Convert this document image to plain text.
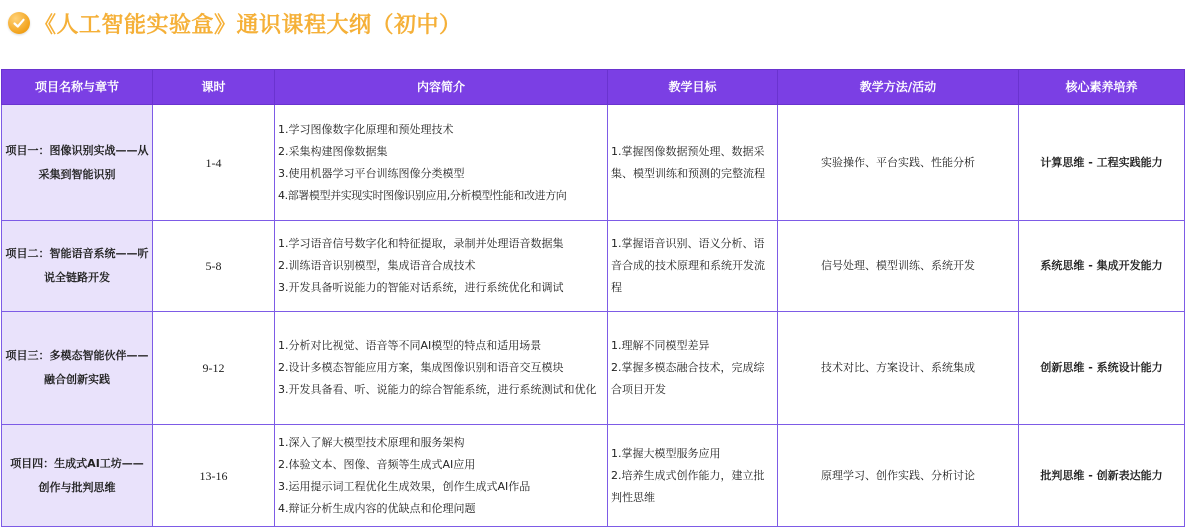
《人工智能实验盒》通识课程大纲（初中）
项目名称与章节	课时	内容简介	教学目标	教学方法/活动	核心素养培养
项目一：图像识别实战——从采集到智能识别	1-4	1.学习图像数字化原理和预处理技术
2.采集构建图像数据集
3.使用机器学习平台训练图像分类模型
4.部署模型并实现实时图像识别应用,分析模型性能和改进方向	1.掌握图像数据预处理、数据采集、模型训练和预测的完整流程	实验操作、平台实践、性能分析	计算思维 - 工程实践能力
项目二：智能语音系统——听说全链路开发	5-8	1.学习语音信号数字化和特征提取，录制并处理语音数据集
2.训练语音识别模型，集成语音合成技术
3.开发具备听说能力的智能对话系统，进行系统优化和调试	1.掌握语音识别、语义分析、语音合成的技术原理和系统开发流程	信号处理、模型训练、系统开发	系统思维 - 集成开发能力
项目三：多模态智能伙伴——融合创新实践	9-12	1.分析对比视觉、语音等不同AI模型的特点和适用场景
2.设计多模态智能应用方案，集成图像识别和语音交互模块
3.开发具备看、听、说能力的综合智能系统，进行系统测试和优化	1.理解不同模型差异
2.掌握多模态融合技术，完成综合项目开发	技术对比、方案设计、系统集成	创新思维 - 系统设计能力
项目四：生成式AI工坊——创作与批判思维	13-16	1.深入了解大模型技术原理和服务架构
2.体验文本、图像、音频等生成式AI应用
3.运用提示词工程优化生成效果，创作生成式AI作品
4.辩证分析生成内容的优缺点和伦理问题	1.掌握大模型服务应用
2.培养生成式创作能力，建立批判性思维	原理学习、创作实践、分析讨论	批判思维 - 创新表达能力
